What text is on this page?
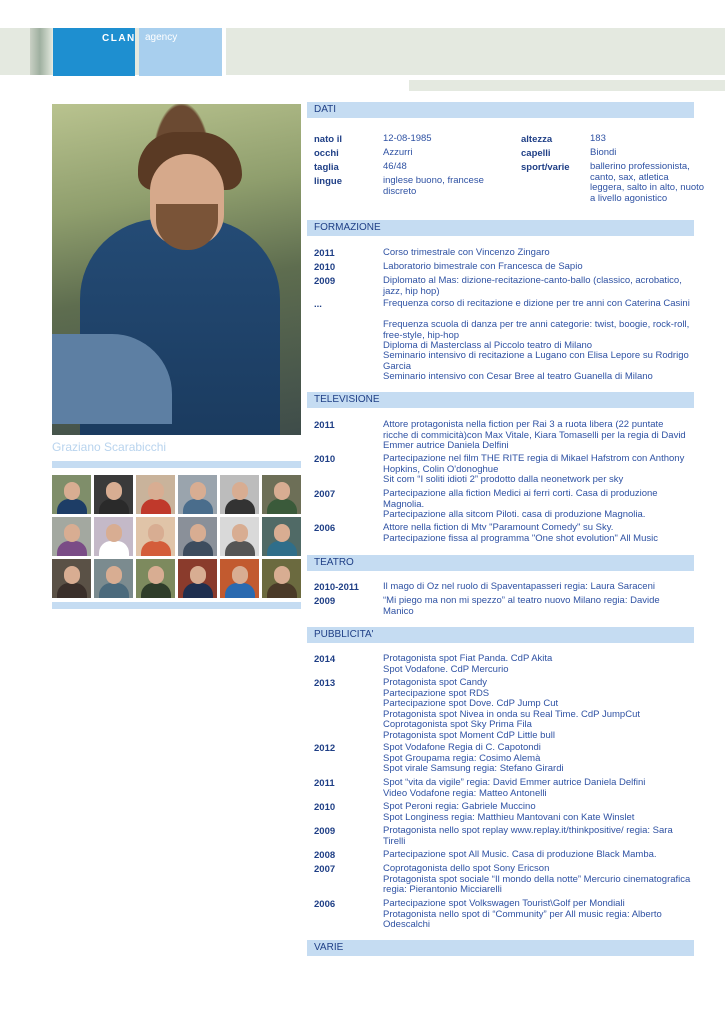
CLAN agency
Graziano Scarabicchi
DATI
nato il	12-08-1985
occhi	Azzurri
taglia	46/48
lingue	inglese buono, francese discreto
altezza	183
capelli	Biondi
sport/varie ballerino professionista, canto, sax, atletica leggera, salto in alto, nuoto a livello agonistico
FORMAZIONE
2011	Corso trimestrale con Vincenzo Zingaro
2010	Laboratorio bimestrale con Francesca de Sapio
2009	Diplomato al Mas: dizione-recitazione-canto-ballo (classico, acrobatico, jazz, hip hop)
...	Frequenza corso di recitazione e dizione per tre anni con Caterina Casini
Frequenza scuola di danza per tre anni categorie: twist, boogie, rock-roll, free-style, hip-hop
Diploma di Masterclass al Piccolo teatro di Milano
Seminario intensivo di recitazione a Lugano con Elisa Lepore su Rodrigo Garcia
Seminario intensivo con Cesar Bree al teatro Guanella di Milano
TELEVISIONE
2011	Attore protagonista nella fiction per Rai 3 a ruota libera (22 puntate ricche di commicità)con Max Vitale, Kiara Tomaselli per la regia di David Emmer autrice Daniela Delfini
2010	Partecipazione nel film THE RITE regia di Mikael Hafstrom con Anthony Hopkins, Colin O'donoghue
Sit com “I soliti idioti 2” prodotto dalla neonetwork per sky
2007	Partecipazione alla fiction Medici ai ferri corti. Casa di produzione Magnolia.
Partecipazione alla sitcom Piloti. casa di produzione Magnolia.
2006	Attore nella fiction di Mtv "Paramount Comedy" su Sky.
Partecipazione fissa al programma "One shot evolution" All Music
TEATRO
2010-2011	Il mago di Oz nel ruolo di Spaventapasseri regia: Laura Saraceni
2009	“Mi piego ma non mi spezzo” al teatro nuovo Milano regia: Davide Manico
PUBBLICITA'
2014	Protagonista spot Fiat Panda. CdP Akita
Spot Vodafone. CdP Mercurio
2013	Protagonista spot Candy
Partecipazione spot RDS
Partecipazione spot Dove. CdP Jump Cut
Protagonista spot Nivea in onda su Real Time. CdP JumpCut
Coprotagonista spot Sky Prima Fila
Protagonista spot Moment CdP Little bull
2012	Spot Vodafone Regia di C. Capotondi
Spot Groupama regia: Cosimo Alemà
Spot virale Samsung regia: Stefano Girardi
2011	Spot “vita da vigile” regia: David Emmer autrice Daniela Delfini
Video Vodafone regia: Matteo Antonelli
2010	Spot Peroni regia: Gabriele Muccino
Spot Longiness regia: Matthieu Mantovani con Kate Winslet
2009	Protagonista nello spot replay www.replay.it/thinkpositive/ regia: Sara Tirelli
2008	Partecipazione spot All Music. Casa di produzione Black Mamba.
2007	Coprotagonista dello spot Sony Ericson
Protagonista spot sociale “Il mondo della notte” Mercurio cinematografica regia: Pierantonio Micciarelli
2006	Partecipazione spot Volkswagen Tourist\Golf per Mondiali
Protagonista nello spot di “Community” per All music regia: Alberto Odescalchi
VARIE
